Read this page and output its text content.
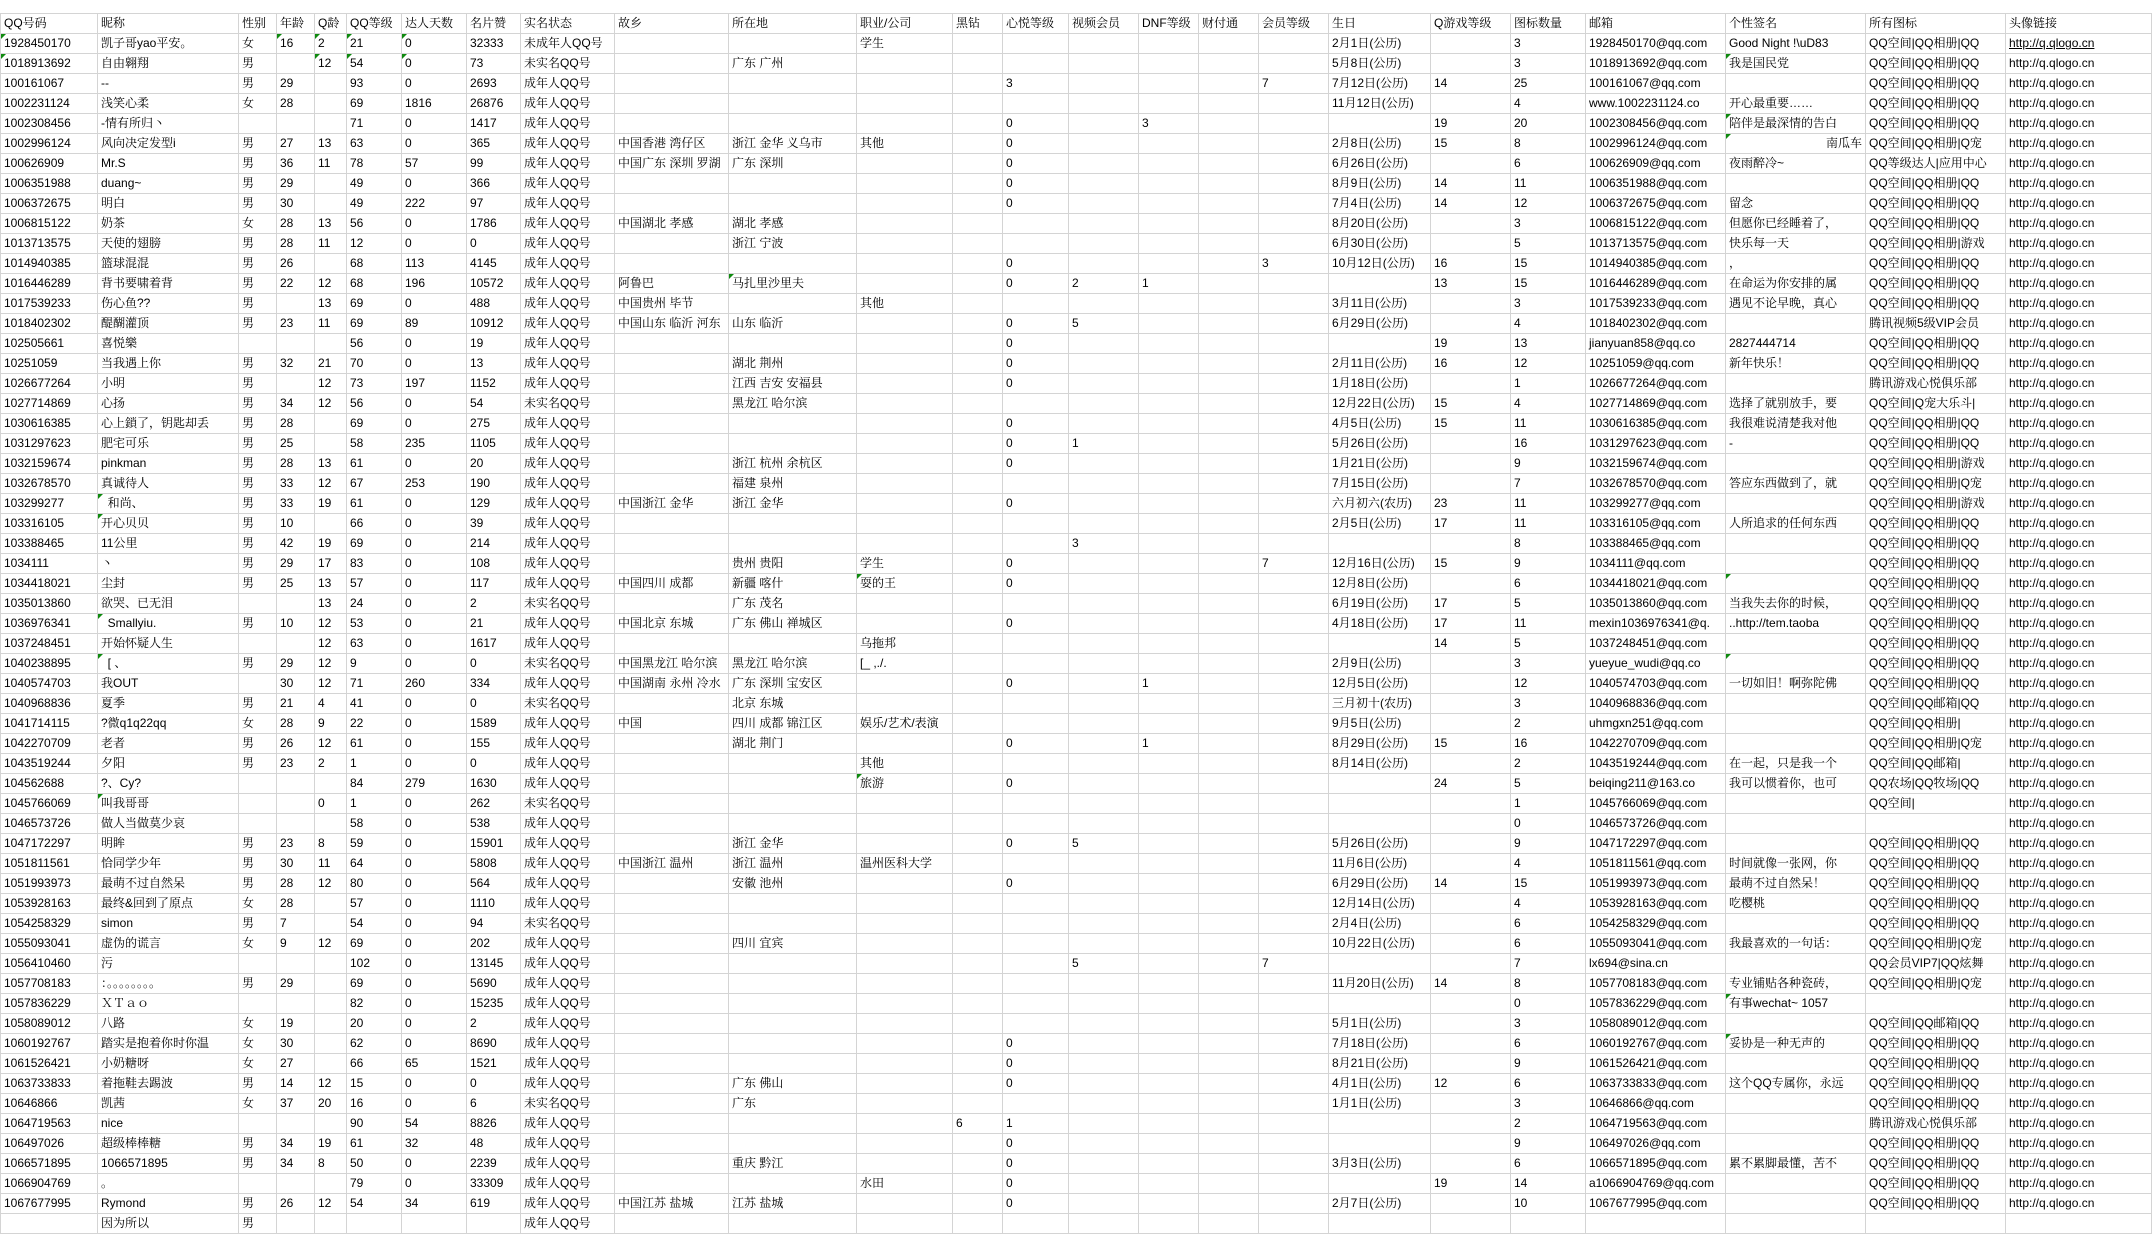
QQ号码	昵称	性别	年龄	Q龄	QQ等级	达人天数	名片赞	实名状态	故乡	所在地	职业/公司	黑钻	心悦等级	视频会员	DNF等级	财付通	会员等级	生日	Q游戏等级	图标数量	邮箱	个性签名	所有图标	头像链接
1928450170	凯子哥yao平安。	女	16	2	21	0	32333	未成年人QQ号			学生							2月1日(公历)		3	1928450170@qq.com	Good Night !\uD83	QQ空间|QQ相册|QQ	http://q.qlogo.cn
1018913692	自由翱翔	男		12	54	0	73	未实名QQ号		广东 广州								5月8日(公历)		3	1018913692@qq.com	我是国民党	QQ空间|QQ相册|QQ	http://q.qlogo.cn
100161067	--	男	29		93	0	2693	成年人QQ号					3				7	7月12日(公历)	14	25	100161067@qq.com		QQ空间|QQ相册|QQ	http://q.qlogo.cn
1002231124	浅笑心柔	女	28		69	1816	26876	成年人QQ号										11月12日(公历)		4	www.1002231124.co	开心最重要……	QQ空间|QQ相册|QQ	http://q.qlogo.cn
1002308456	-情有所归丶				71	0	1417	成年人QQ号					0		3				19	20	1002308456@qq.com	陪伴是最深情的告白	QQ空间|QQ相册|QQ	http://q.qlogo.cn
1002996124	风向决定发型i	男	27	13	63	0	365	成年人QQ号	中国香港 湾仔区	浙江 金华 义乌市	其他		0					2月8日(公历)	15	8	1002996124@qq.com	南瓜车	QQ空间|QQ相册|Q宠	http://q.qlogo.cn
100626909	Mr.S	男	36	11	78	57	99	成年人QQ号	中国广东 深圳 罗湖	广东 深圳			0					6月26日(公历)		6	100626909@qq.com	夜雨醉冷~	QQ等级达人|应用中心	http://q.qlogo.cn
1006351988	duang~	男	29		49	0	366	成年人QQ号					0					8月9日(公历)	14	11	1006351988@qq.com		QQ空间|QQ相册|QQ	http://q.qlogo.cn
1006372675	明白	男	30		49	222	97	成年人QQ号					0					7月4日(公历)	14	12	1006372675@qq.com	留念	QQ空间|QQ相册|QQ	http://q.qlogo.cn
1006815122	奶茶	女	28	13	56	0	1786	成年人QQ号	中国湖北 孝感	湖北 孝感								8月20日(公历)		3	1006815122@qq.com	但愿你已经睡着了，	QQ空间|QQ相册|QQ	http://q.qlogo.cn
1013713575	天使的翅膀	男	28	11	12	0	0	成年人QQ号		浙江 宁波								6月30日(公历)		5	1013713575@qq.com	快乐每一天	QQ空间|QQ相册|游戏	http://q.qlogo.cn
1014940385	篮球混混	男	26		68	113	4145	成年人QQ号					0				3	10月12日(公历)	16	15	1014940385@qq.com	，	QQ空间|QQ相册|QQ	http://q.qlogo.cn
1016446289	背书要啸着背	男	22	12	68	196	10572	成年人QQ号	阿鲁巴	马扎里沙里夫			0	2	1				13	15	1016446289@qq.com	在命运为你安排的属	QQ空间|QQ相册|QQ	http://q.qlogo.cn
1017539233	伤心鱼??	男		13	69	0	488	成年人QQ号	中国贵州 毕节		其他							3月11日(公历)		3	1017539233@qq.com	遇见不论早晚，真心	QQ空间|QQ相册|QQ	http://q.qlogo.cn
1018402302	醍醐灌顶	男	23	11	69	89	10912	成年人QQ号	中国山东 临沂 河东	山东 临沂			0	5				6月29日(公历)		4	1018402302@qq.com		腾讯视频5级VIP会员	http://q.qlogo.cn
102505661	喜悦樂				56	0	19	成年人QQ号					0						19	13	jianyuan858@qq.co	2827444714	QQ空间|QQ相册|QQ	http://q.qlogo.cn
10251059	当我遇上你	男	32	21	70	0	13	成年人QQ号		湖北 荆州			0					2月11日(公历)	16	12	10251059@qq.com	新年快乐！	QQ空间|QQ相册|QQ	http://q.qlogo.cn
1026677264	小明	男		12	73	197	1152	成年人QQ号		江西 吉安 安福县			0					1月18日(公历)		1	1026677264@qq.com		腾讯游戏心悦俱乐部	http://q.qlogo.cn
1027714869	心扬	男	34	12	56	0	54	未实名QQ号		黑龙江 哈尔滨								12月22日(公历)	15	4	1027714869@qq.com	选择了就别放手，要	QQ空间|Q宠大乐斗|	http://q.qlogo.cn
1030616385	心上鎖了，钥匙却丢	男	28		69	0	275	成年人QQ号					0					4月5日(公历)	15	11	1030616385@qq.com	我很难说清楚我对他	QQ空间|QQ相册|QQ	http://q.qlogo.cn
1031297623	肥宅可乐	男	25		58	235	1105	成年人QQ号					0	1				5月26日(公历)		16	1031297623@qq.com	-	QQ空间|QQ相册|QQ	http://q.qlogo.cn
1032159674	pinkman	男	28	13	61	0	20	成年人QQ号		浙江 杭州 余杭区			0					1月21日(公历)		9	1032159674@qq.com		QQ空间|QQ相册|游戏	http://q.qlogo.cn
1032678570	真诚待人	男	33	12	67	253	190	成年人QQ号		福建 泉州								7月15日(公历)		7	1032678570@qq.com	答应东西做到了，就	QQ空间|QQ相册|Q宠	http://q.qlogo.cn
103299277	和尚、	男	33	19	61	0	129	成年人QQ号	中国浙江 金华	浙江 金华			0					六月初六(农历)	23	11	103299277@qq.com		QQ空间|QQ相册|游戏	http://q.qlogo.cn
103316105	开心贝贝	男	10		66	0	39	成年人QQ号										2月5日(公历)	17	11	103316105@qq.com	人所追求的任何东西	QQ空间|QQ相册|QQ	http://q.qlogo.cn
103388465	11公里	男	42	19	69	0	214	成年人QQ号						3						8	103388465@qq.com		QQ空间|QQ相册|QQ	http://q.qlogo.cn
1034111	丶	男	29	17	83	0	108	成年人QQ号		贵州 贵阳	学生		0				7	12月16日(公历)	15	9	1034111@qq.com		QQ空间|QQ相册|QQ	http://q.qlogo.cn
1034418021	尘封	男	25	13	57	0	117	成年人QQ号	中国四川 成都	新疆 喀什	耍的王		0					12月8日(公历)		6	1034418021@qq.com		QQ空间|QQ相册|QQ	http://q.qlogo.cn
1035013860	欲哭、已无泪			13	24	0	2	未实名QQ号		广东 茂名								6月19日(公历)	17	5	1035013860@qq.com	当我失去你的时候，	QQ空间|QQ相册|QQ	http://q.qlogo.cn
1036976341	Smallyiu.	男	10	12	53	0	21	成年人QQ号	中国北京 东城	广东 佛山 禅城区			0					4月18日(公历)	17	11	mexin1036976341@q.	..http://tem.taoba	QQ空间|QQ相册|QQ	http://q.qlogo.cn
1037248451	开始怀疑人生			12	63	0	1617	成年人QQ号			乌拖邦								14	5	1037248451@qq.com		QQ空间|QQ相册|QQ	http://q.qlogo.cn
1040238895	[ 、	男	29	12	9	0	0	未实名QQ号	中国黑龙江 哈尔滨	黑龙江 哈尔滨	[_ ,./.							2月9日(公历)		3	yueyue_wudi@qq.co		QQ空间|QQ相册|QQ	http://q.qlogo.cn
1040574703	我OUT		30	12	71	260	334	成年人QQ号	中国湖南 永州 冷水	广东 深圳 宝安区			0		1			12月5日(公历)		12	1040574703@qq.com	一切如旧！啊弥陀佛	QQ空间|QQ相册|QQ	http://q.qlogo.cn
1040968836	夏季	男	21	4	41	0	0	未实名QQ号		北京 东城								三月初十(农历)		3	1040968836@qq.com		QQ空间|QQ邮箱|QQ	http://q.qlogo.cn
1041714115	?微q1q22qq	女	28	9	22	0	1589	成年人QQ号	中国	四川 成都 锦江区	娱乐/艺术/表演							9月5日(公历)		2	uhmgxn251@qq.com		QQ空间|QQ相册|	http://q.qlogo.cn
1042270709	老者	男	26	12	61	0	155	成年人QQ号		湖北 荆门			0		1			8月29日(公历)	15	16	1042270709@qq.com		QQ空间|QQ相册|Q宠	http://q.qlogo.cn
1043519244	夕阳	男	23	2	1	0	0	成年人QQ号			其他							8月14日(公历)		2	1043519244@qq.com	在一起，只是我一个	QQ空间|QQ邮箱|	http://q.qlogo.cn
104562688	?、Cy?				84	279	1630	成年人QQ号			旅游		0						24	5	beiqing211@163.co	我可以惯着你，也可	QQ农场|QQ牧场|QQ	http://q.qlogo.cn
1045766069	叫我哥哥			0	1	0	262	未实名QQ号												1	1045766069@qq.com		QQ空间|	http://q.qlogo.cn
1046573726	做人当做莫少哀				58	0	538	成年人QQ号												0	1046573726@qq.com			http://q.qlogo.cn
1047172297	明眸	男	23	8	59	0	15901	成年人QQ号		浙江 金华			0	5				5月26日(公历)		9	1047172297@qq.com		QQ空间|QQ相册|QQ	http://q.qlogo.cn
1051811561	恰同学少年	男	30	11	64	0	5808	成年人QQ号	中国浙江 温州	浙江 温州	温州医科大学							11月6日(公历)		4	1051811561@qq.com	时间就像一张网，你	QQ空间|QQ相册|QQ	http://q.qlogo.cn
1051993973	最萌不过自然呆	男	28	12	80	0	564	成年人QQ号		安徽 池州			0					6月29日(公历)	14	15	1051993973@qq.com	最萌不过自然呆！	QQ空间|QQ相册|QQ	http://q.qlogo.cn
1053928163	最终&回到了原点	女	28		57	0	1110	成年人QQ号										12月14日(公历)		4	1053928163@qq.com	吃樱桃	QQ空间|QQ相册|QQ	http://q.qlogo.cn
1054258329	simon	男	7		54	0	94	未实名QQ号										2月4日(公历)		6	1054258329@qq.com		QQ空间|QQ相册|QQ	http://q.qlogo.cn
1055093041	虚伪的谎言	女	9	12	69	0	202	成年人QQ号		四川 宜宾								10月22日(公历)		6	1055093041@qq.com	我最喜欢的一句话：	QQ空间|QQ相册|Q宠	http://q.qlogo.cn
1056410460	污				102	0	13145	成年人QQ号						5			7			7	lx694@sina.cn		QQ会员VIP7|QQ炫舞	http://q.qlogo.cn
1057708183	：。。。。。。。。	男	29		69	0	5690	成年人QQ号										11月20日(公历)	14	8	1057708183@qq.com	专业铺贴各种瓷砖，	QQ空间|QQ相册|Q宠	http://q.qlogo.cn
1057836229	ＸＴａｏ				82	0	15235	成年人QQ号												0	1057836229@qq.com	有事wechat~ 1057		http://q.qlogo.cn
1058089012	八路	女	19		20	0	2	成年人QQ号										5月1日(公历)		3	1058089012@qq.com		QQ空间|QQ邮箱|QQ	http://q.qlogo.cn
1060192767	踏实是抱着你时你温	女	30		62	0	8690	成年人QQ号					0					7月18日(公历)		6	1060192767@qq.com	妥协是一种无声的	QQ空间|QQ相册|QQ	http://q.qlogo.cn
1061526421	小奶糖呀	女	27		66	65	1521	成年人QQ号					0					8月21日(公历)		9	1061526421@qq.com		QQ空间|QQ相册|QQ	http://q.qlogo.cn
1063733833	着拖鞋去踢波	男	14	12	15	0	0	成年人QQ号		广东 佛山			0					4月1日(公历)	12	6	1063733833@qq.com	这个QQ专属你，永远	QQ空间|QQ相册|QQ	http://q.qlogo.cn
10646866	凯茜	女	37	20	16	0	6	未实名QQ号		广东								1月1日(公历)		3	10646866@qq.com		QQ空间|QQ相册|QQ	http://q.qlogo.cn
1064719563	nice				90	54	8826	成年人QQ号				6	1							2	1064719563@qq.com		腾讯游戏心悦俱乐部	http://q.qlogo.cn
106497026	超级棒棒糖	男	34	19	61	32	48	成年人QQ号					0							9	106497026@qq.com		QQ空间|QQ相册|QQ	http://q.qlogo.cn
1066571895	1066571895	男	34	8	50	0	2239	成年人QQ号		重庆 黔江			0					3月3日(公历)		6	1066571895@qq.com	累不累脚最懂，苦不	QQ空间|QQ相册|QQ	http://q.qlogo.cn
1066904769	。				79	0	33309	成年人QQ号			水田		0						19	14	a1066904769@qq.com		QQ空间|QQ相册|QQ	http://q.qlogo.cn
1067677995	Rymond	男	26	12	54	34	619	成年人QQ号	中国江苏 盐城	江苏 盐城			0					2月7日(公历)		10	1067677995@qq.com		QQ空间|QQ相册|QQ	http://q.qlogo.cn
	因为所以	男						成年人QQ号																
